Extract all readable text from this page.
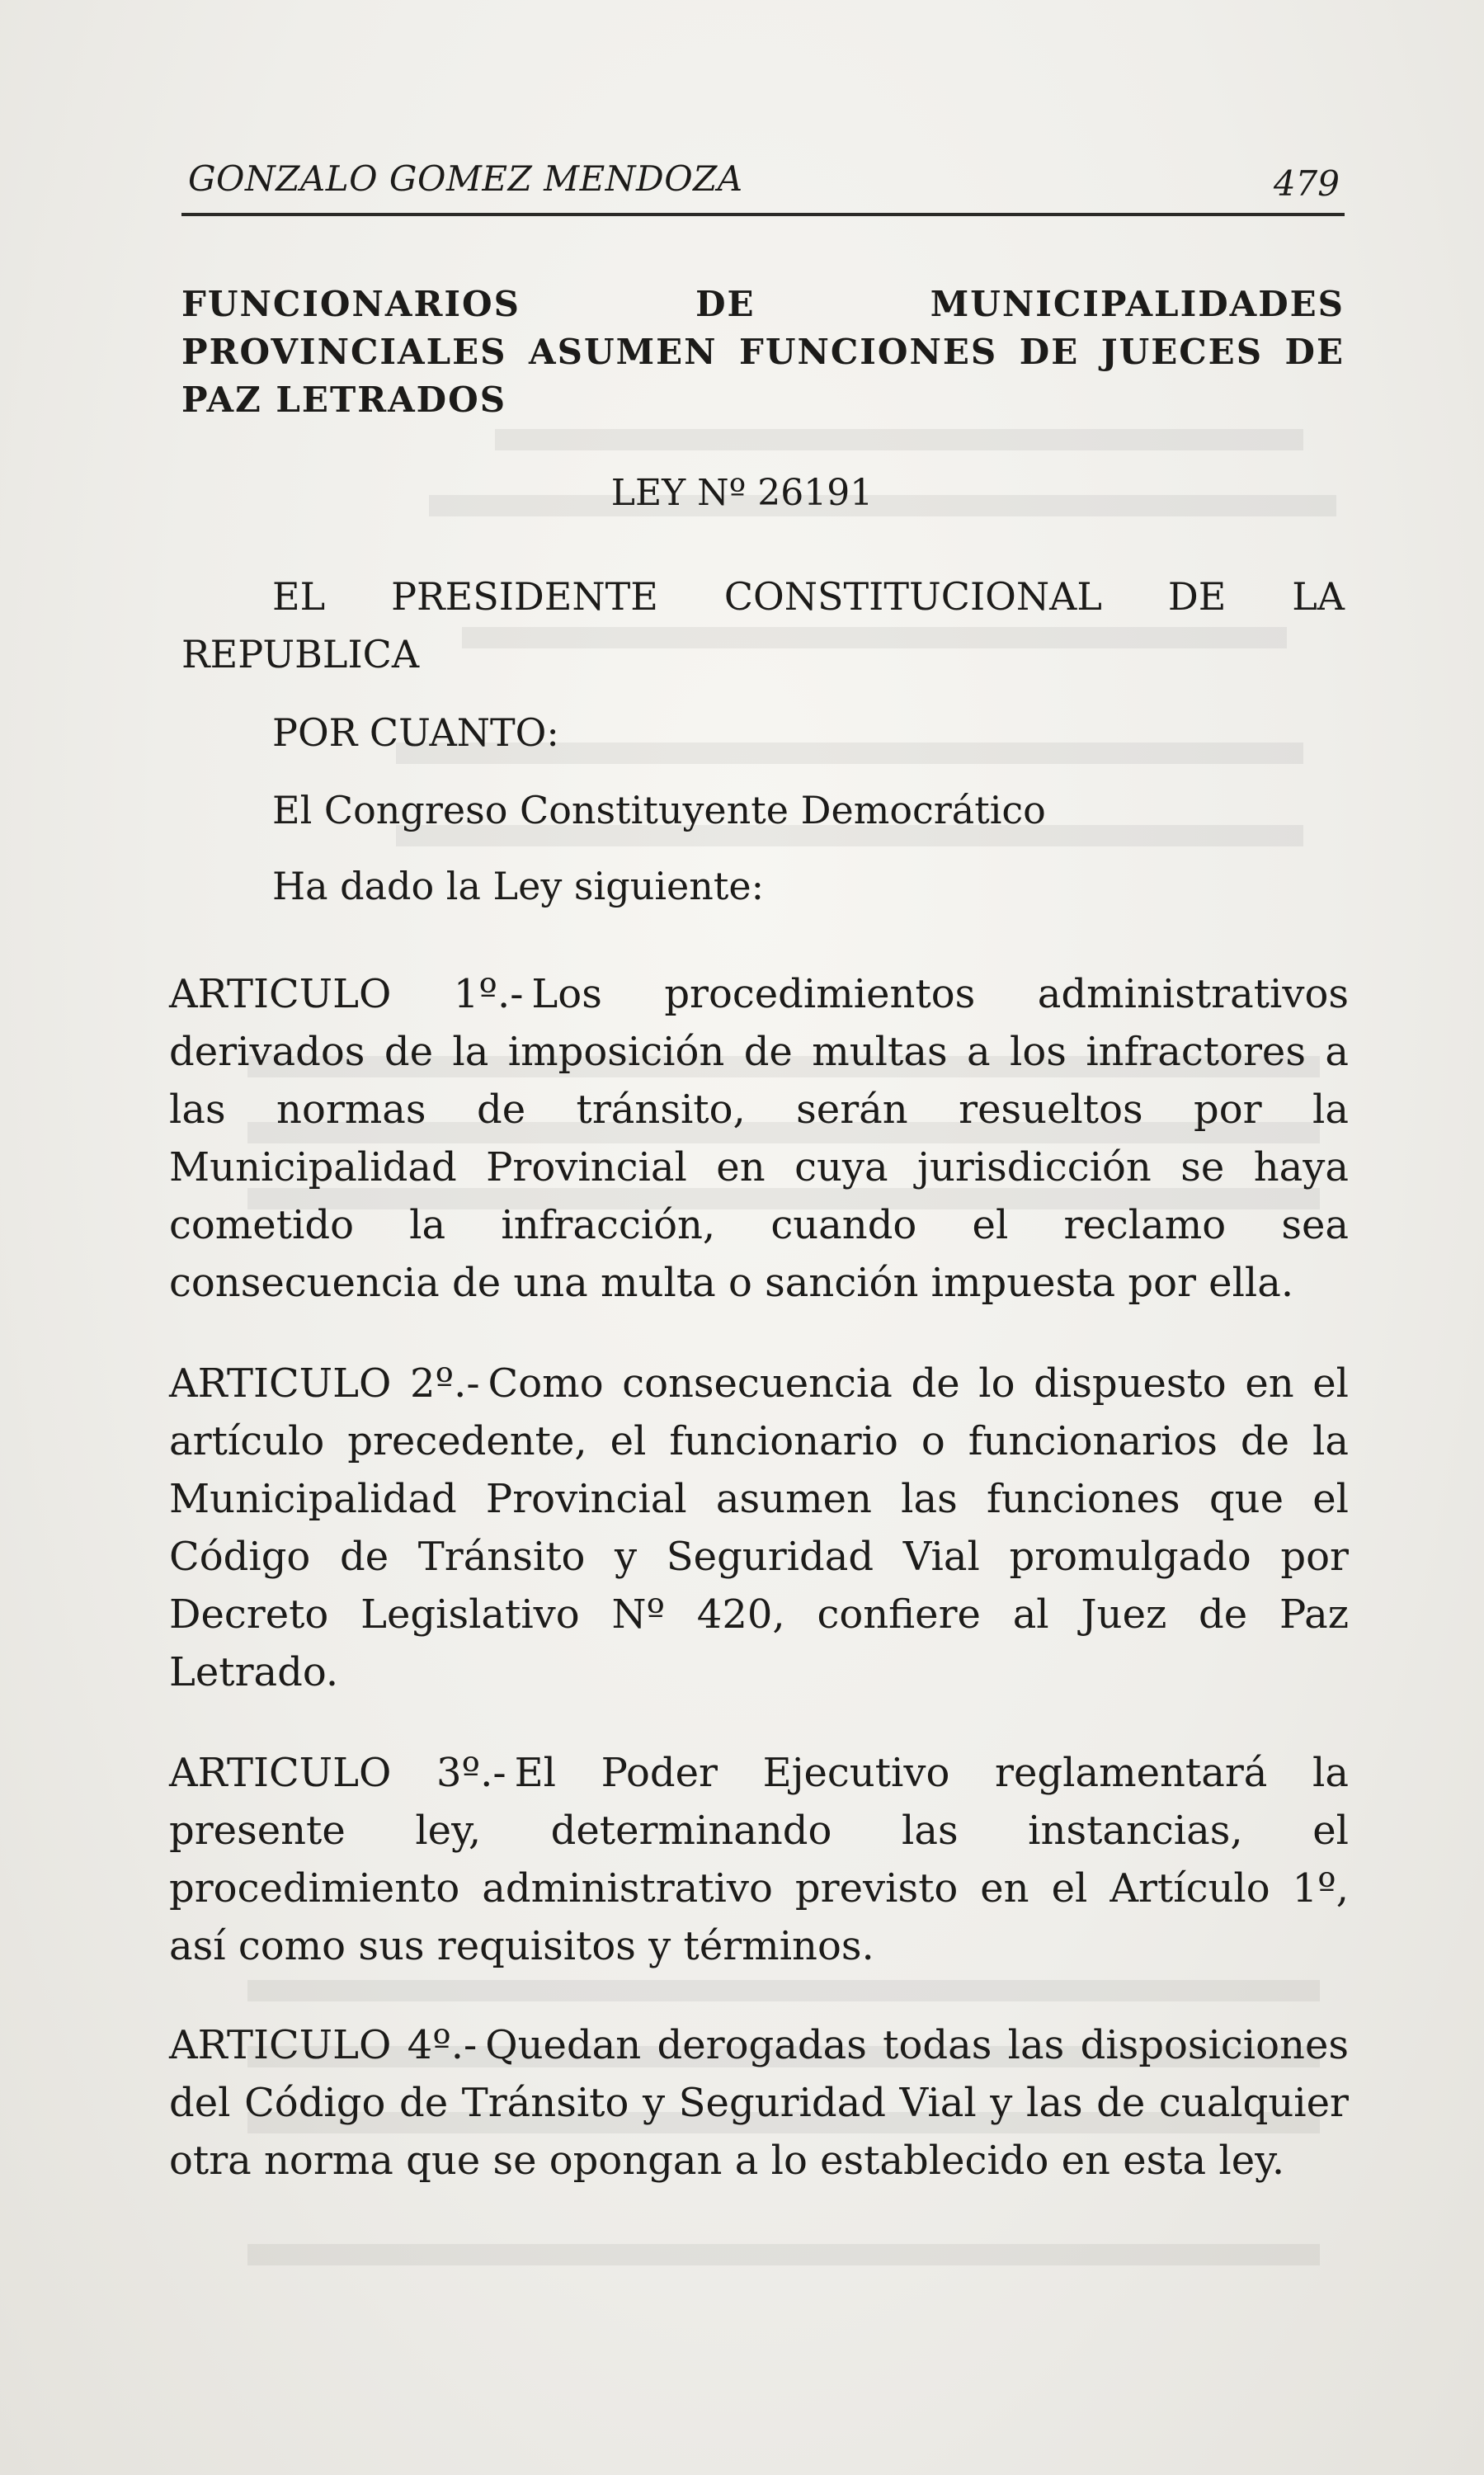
GONZALO GOMEZ MENDOZA	479
FUNCIONARIOS DE MUNICIPALIDADES PROVINCIALES ASUMEN FUNCIONES DE JUECES DE PAZ LETRADOS
LEY Nº 26191

EL PRESIDENTE CONSTITUCIONAL DE LA REPUBLICA

POR CUANTO:

El Congreso Constituyente Democrático

Ha dado la Ley siguiente:

ARTICULO 1º.- Los procedimientos administrativos derivados de la imposición de multas a los infractores a las normas de tránsito, serán resueltos por la Municipalidad Provincial en cuya jurisdicción se haya cometido la infracción, cuando el reclamo sea consecuencia de una multa o sanción impuesta por ella.

ARTICULO 2º.- Como consecuencia de lo dispuesto en el artículo precedente, el funcionario o funcionarios de la Municipalidad Provincial asumen las funciones que el Código de Tránsito y Seguridad Vial promulgado por Decreto Legislativo Nº 420, confiere al Juez de Paz Letrado.

ARTICULO 3º.- El Poder Ejecutivo reglamentará la presente ley, determinando las instancias, el procedimiento administrativo previsto en el Artículo 1º, así como sus requisitos y términos.

ARTICULO 4º.- Quedan derogadas todas las disposiciones del Código de Tránsito y Seguridad Vial y las de cualquier otra norma que se opongan a lo establecido en esta ley.
